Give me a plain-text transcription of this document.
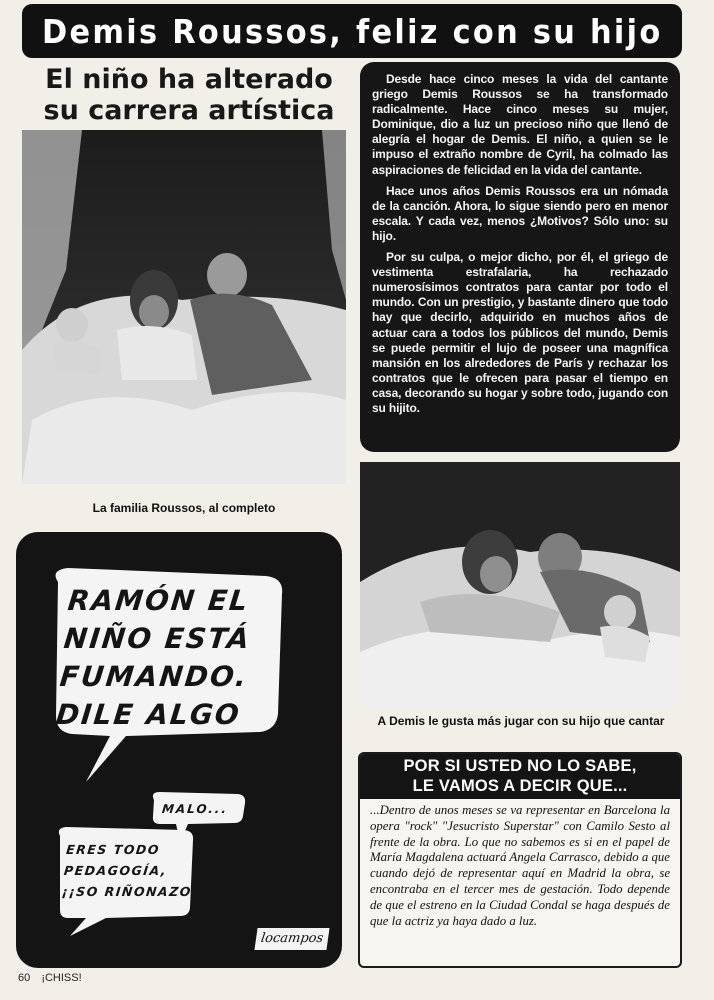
Demis Roussos, feliz con su hijo
El niño ha alterado
su carrera artística
La familia Roussos, al completo

Desde hace cinco meses la vida del cantante griego Demis Roussos se ha transformado radicalmente. Hace cinco meses su mujer, Dominique, dio a luz un precioso niño que llenó de alegría el hogar de Demis. El niño, a quien se le impuso el extraño nombre de Cyril, ha colmado las aspiraciones de felicidad en la vida del cantante.

Hace unos años Demis Roussos era un nómada de la canción. Ahora, lo sigue siendo pero en menor escala. Y cada vez, menos ¿Motivos? Sólo uno: su hijo.

Por su culpa, o mejor dicho, por él, el griego de vestimenta estrafalaria, ha rechazado numerosísimos contratos para cantar por todo el mundo. Con un prestigio, y bastante dinero que todo hay que decirlo, adquirido en muchos años de actuar cara a todos los públicos del mundo, Demis se puede permitir el lujo de poseer una magnífica mansión en los alrededores de París y rechazar los contratos que le ofrecen para pasar el tiempo en casa, decorando su hogar y sobre todo, jugando con su hijito.

A Demis le gusta más jugar con su hijo que cantar
RAMÓN EL
NIÑO ESTÁ
FUMANDO.
DILE ALGO
MALO...
ERES TODO
PEDAGOGÍA,
¡¡SO RIÑONAZOS!!
locampos
POR SI USTED NO LO SABE,
LE VAMOS A DECIR QUE...
...Dentro de unos meses se va representar en Barcelona la opera "rock" "Jesucristo Superstar" con Camilo Sesto al frente de la obra. Lo que no sabemos es si en el papel de María Magdalena actuará Angela Carrasco, debido a que cuando dejó de representar aquí en Madrid la obra, se encontraba en el tercer mes de gestación. Todo depende de que el estreno en la Ciudad Condal se haga después de que la actriz ya haya dado a luz.
60 ¡CHISS!
